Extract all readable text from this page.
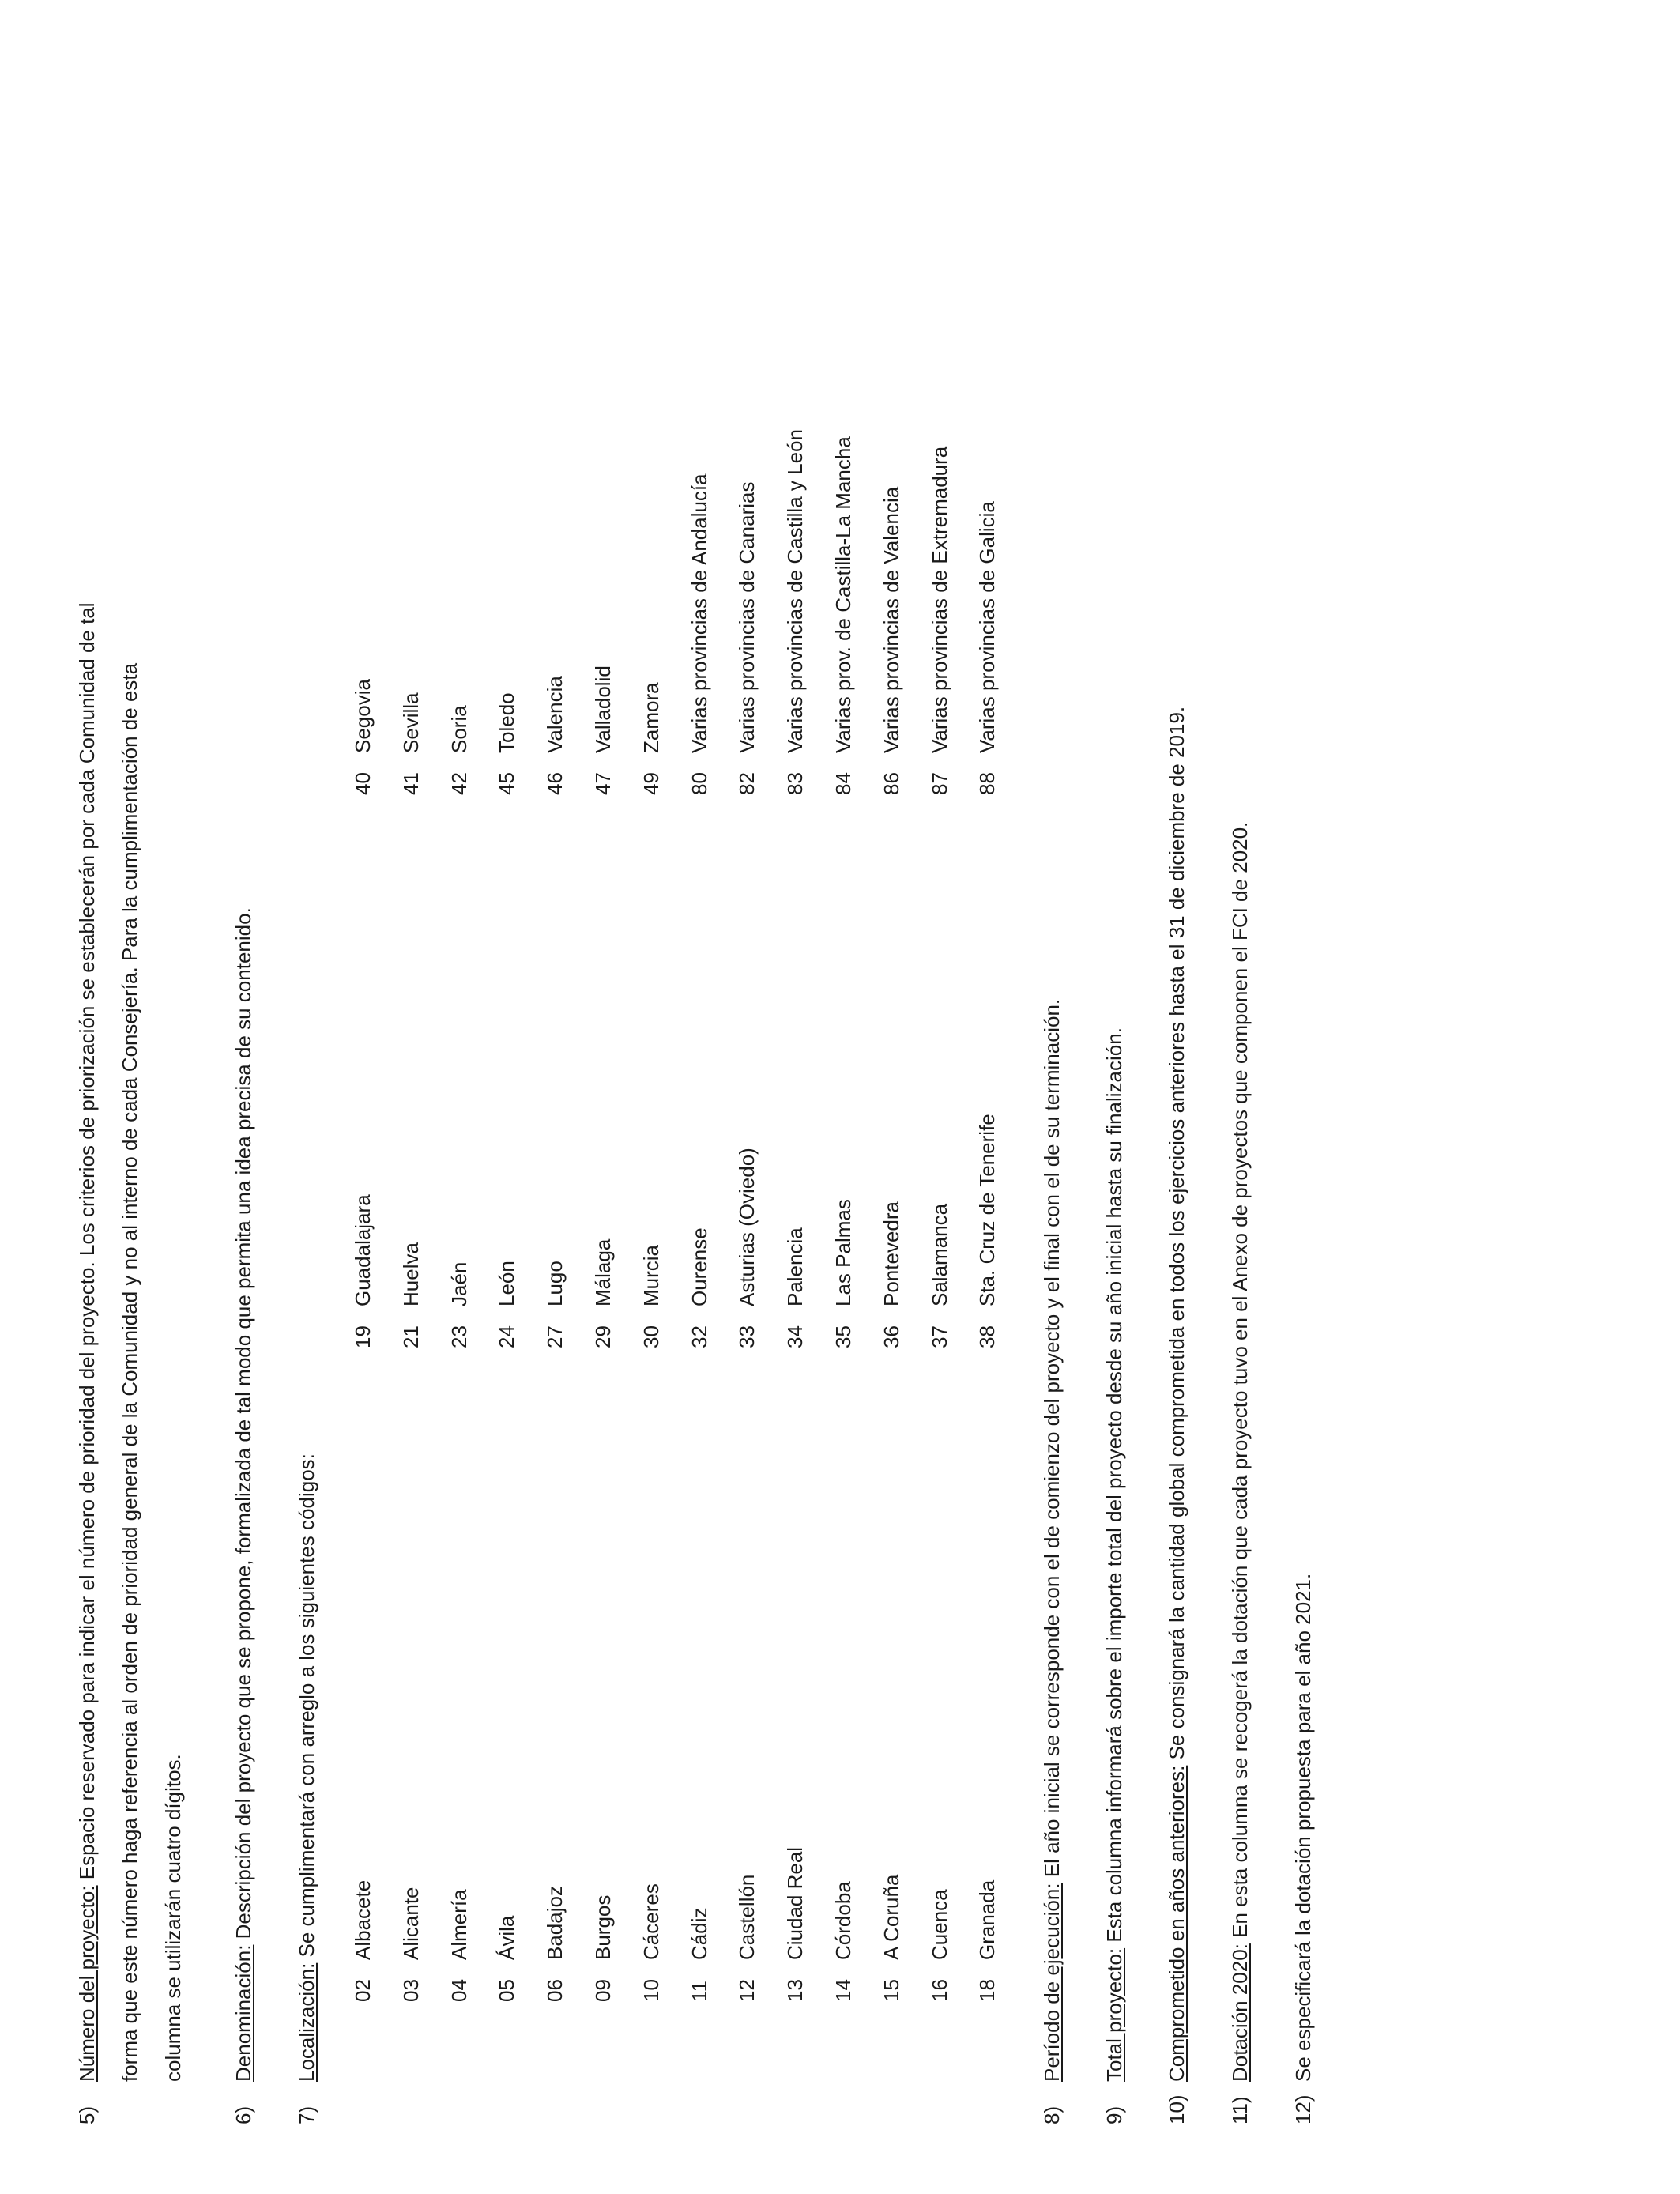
5)
Número del proyecto: Espacio reservado para indicar el número de prioridad del proyecto. Los criterios de priorización se establecerán por cada Comunidad de tal forma que este número haga referencia al orden de prioridad general de la Comunidad y no al interno de cada Consejería. Para la cumplimentación de esta columna se utilizarán cuatro dígitos.
6)
Denominación: Descripción del proyecto que se propone, formalizada de tal modo que permita una idea precisa de su contenido.
7)
Localización: Se cumplimentará con arreglo a los siguientes códigos:
02
Albacete
03
Alicante
04
Almería
05
Ávila
06
Badajoz
09
Burgos
10
Cáceres
11
Cádiz
12
Castellón
13
Ciudad Real
14
Córdoba
15
A Coruña
16
Cuenca
18
Granada
19
Guadalajara
21
Huelva
23
Jaén
24
León
27
Lugo
29
Málaga
30
Murcia
32
Ourense
33
Asturias (Oviedo)
34
Palencia
35
Las Palmas
36
Pontevedra
37
Salamanca
38
Sta. Cruz de Tenerife
40
Segovia
41
Sevilla
42
Soria
45
Toledo
46
Valencia
47
Valladolid
49
Zamora
80
Varias provincias de Andalucía
82
Varias provincias de Canarias
83
Varias provincias de Castilla y León
84
Varias prov. de Castilla-La Mancha
86
Varias provincias de Valencia
87
Varias provincias de Extremadura
88
Varias provincias de Galicia
8)
Período de ejecución: El año inicial se corresponde con el de comienzo del proyecto y el final con el de su terminación.
9)
Total proyecto: Esta columna informará sobre el importe total del proyecto desde su año inicial hasta su finalización.
10)
Comprometido en años anteriores: Se consignará la cantidad global comprometida en todos los ejercicios anteriores hasta el 31 de diciembre de 2019.
11)
Dotación 2020: En esta columna se recogerá la dotación que cada proyecto tuvo en el Anexo de proyectos que componen el FCI de 2020.
12)
Se especificará la dotación propuesta para el año 2021.
